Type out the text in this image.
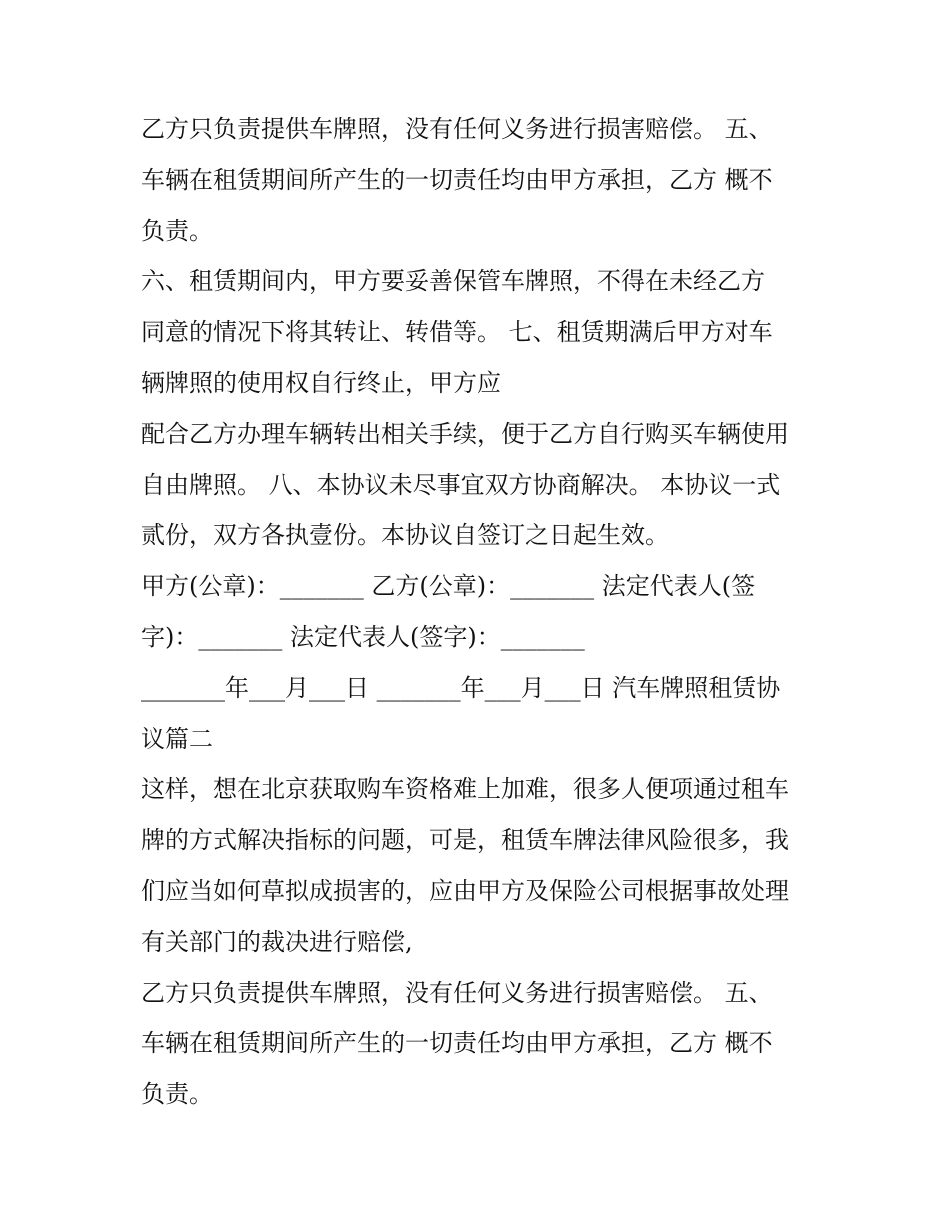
乙方只负责提供车牌照，没有任何义务进行损害赔偿。 五、
车辆在租赁期间所产生的一切责任均由甲方承担，乙方 概不
负责。
六、租赁期间内，甲方要妥善保管车牌照，不得在未经乙方
同意的情况下将其转让、转借等。 七、租赁期满后甲方对车
辆牌照的使用权自行终止，甲方应
配合乙方办理车辆转出相关手续，便于乙方自行购买车辆使用
自由牌照。 八、本协议未尽事宜双方协商解决。 本协议一式
贰份，双方各执壹份。本协议自签订之日起生效。
甲方(公章)：_______ 乙方(公章)：_______ 法定代表人(签
字)：_______ 法定代表人(签字)：_______
_______年___月___日 _______年___月___日 汽车牌照租赁协
议篇二
这样，想在北京获取购车资格难上加难，很多人便项通过租车
牌的方式解决指标的问题，可是，租赁车牌法律风险很多，我
们应当如何草拟成损害的，应由甲方及保险公司根据事故处理
有关部门的裁决进行赔偿,
乙方只负责提供车牌照，没有任何义务进行损害赔偿。 五、
车辆在租赁期间所产生的一切责任均由甲方承担，乙方 概不
负责。
